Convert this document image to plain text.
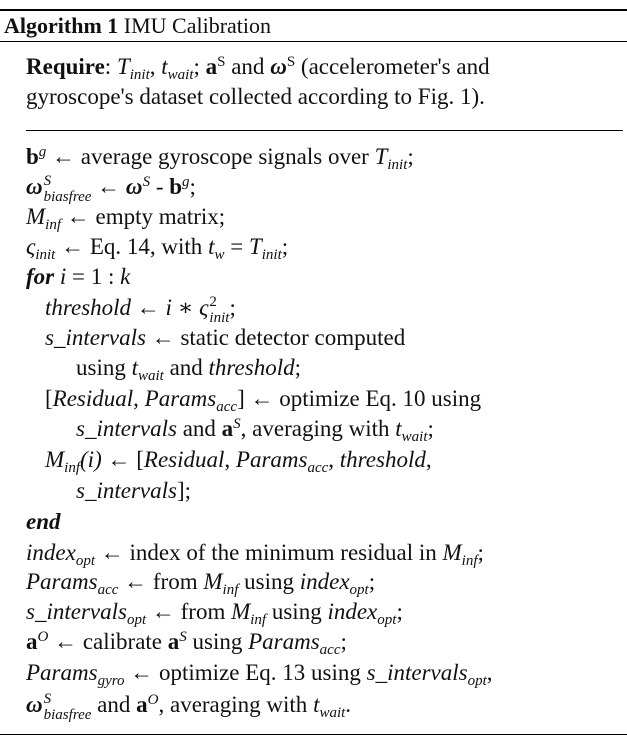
Algorithm 1 IMU Calibration
Require: $T_{init}$, $t_{wait}$; $a^S$ and $\omega^S$ (accelerometer's and
gyroscope's dataset collected according to Fig. 1).
$b^g$ ← average gyroscope signals over $T_{init}$;
ω S
biasfree ← $\omega^S - b^g$;
$M_{inf}$ ← empty matrix;
$\varsigma_{init}$ ← Eq. 14, with $t_w = T_{init}$;
for i = 1 : k
threshold ← i ∗ ς 2
init ;
s_intervals ← static detector computed
using $t_{wait}$ and threshold;
[Residual, Params$_{acc}$] ← optimize Eq. 10 using
s_intervals and $a^S$, averaging with $t_{wait}$;
$M_{inf}(i)$ ← [Residual, Params$_{acc}$, threshold,
s_intervals];
end
index$_{opt}$ ← index of the minimum residual in $M_{inf}$;
Params$_{acc}$ ← from $M_{inf}$ using index$_{opt}$;
s_intervals$_{opt}$ ← from $M_{inf}$ using index$_{opt}$;
$a^O$ ← calibrate $a^S$ using Params$_{acc}$;
Params$_{gyro}$ ← optimize Eq. 13 using s_intervals$_{opt}$,
ω S
biasfree and $a^O$, averaging with $t_{wait}$.
